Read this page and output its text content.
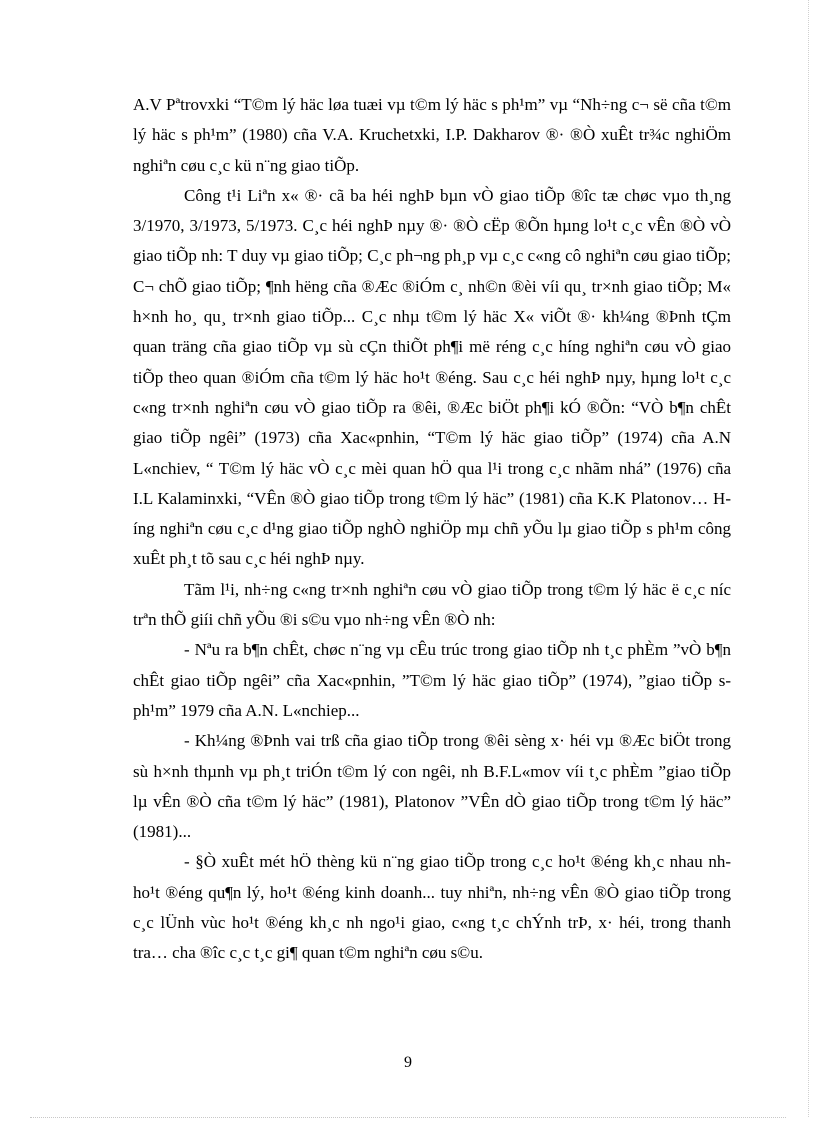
A.V Pªtrovxki “T©m lý häc løa tuæi vµ t©m lý häc s ph¹m” vµ “Nh÷ng c¬ së cña t©m lý häc s ph¹m” (1980) cña V.A. Kruchetxki, I.P. Dakharov ®· ®Ò xuÊt tr¾c nghiÖm nghiªn cøu c¸c kü n¨ng giao tiÕp.

Công t¹i Liªn x« ®· cã ba héi nghÞ bµn vÒ giao tiÕp ®îc tæ chøc vµo th¸ng 3/1970, 3/1973, 5/1973. C¸c héi nghÞ nµy ®· ®Ò cËp ®Õn hµng lo¹t c¸c vÊn ®Ò vÒ giao tiÕp nh: T duy vµ giao tiÕp; C¸c ph¬ng ph¸p vµ c¸c c«ng cô nghiªn cøu giao tiÕp; C¬ chÕ giao tiÕp; ¶nh hëng cña ®Æc ®iÓm c¸ nh©n ®èi víi qu¸ tr×nh giao tiÕp; M« h×nh ho¸ qu¸ tr×nh giao tiÕp... C¸c nhµ t©m lý häc X« viÕt ®· kh¼ng ®Þnh tÇm quan träng cña giao tiÕp vµ sù cÇn thiÕt ph¶i më réng c¸c híng nghiªn cøu vÒ giao tiÕp theo quan ®iÓm cña t©m lý häc ho¹t ®éng. Sau c¸c héi nghÞ nµy, hµng lo¹t c¸c c«ng tr×nh nghiªn cøu vÒ giao tiÕp ra ®êi, ®Æc biÖt ph¶i kÓ ®Õn: “VÒ b¶n chÊt giao tiÕp ngêi” (1973) cña Xac«pnhin, “T©m lý häc giao tiÕp” (1974) cña A.N L«nchiev, “ T©m lý häc vÒ c¸c mèi quan hÖ qua l¹i trong c¸c nhãm nhá” (1976) cña I.L Kalaminxki, “VÊn ®Ò giao tiÕp trong t©m lý häc” (1981) cña K.K Platonov… Híng nghiªn cøu c¸c d¹ng giao tiÕp nghÒ nghiÖp mµ chñ yÕu lµ giao tiÕp s ph¹m công xuÊt ph¸t tõ sau c¸c héi nghÞ nµy.

Tãm l¹i, nh÷ng c«ng tr×nh nghiªn cøu vÒ giao tiÕp trong t©m lý häc ë c¸c níc trªn thÕ giíi chñ yÕu ®i s©u vµo nh÷ng vÊn ®Ò nh:

- Nªu ra b¶n chÊt, chøc n¨ng vµ cÊu trúc trong giao tiÕp nh t¸c phÈm ”vÒ b¶n chÊt giao tiÕp ngêi” cña Xac«pnhin, ”T©m lý häc giao tiÕp” (1974), ”giao tiÕp s ph¹m” 1979 cña A.N. L«nchiep...

- Kh¼ng ®Þnh vai trß cña giao tiÕp trong ®êi sèng x· héi vµ ®Æc biÖt trong sù h×nh thµnh vµ ph¸t triÓn t©m lý con ngêi, nh B.F.L«mov víi t¸c phÈm ”giao tiÕp lµ vÊn ®Ò cña t©m lý häc” (1981), Platonov ”VÊn dÒ giao tiÕp trong t©m lý häc” (1981)...

- §Ò xuÊt mét hÖ thèng kü n¨ng giao tiÕp trong c¸c ho¹t ®éng kh¸c nhau nh ho¹t ®éng qu¶n lý, ho¹t ®éng kinh doanh... tuy nhiªn, nh÷ng vÊn ®Ò giao tiÕp trong c¸c lÜnh vùc ho¹t ®éng kh¸c nh ngo¹i giao, c«ng t¸c chÝnh trÞ, x· héi, trong thanh tra… cha ®îc c¸c t¸c gi¶ quan t©m nghiªn cøu s©u.

9
